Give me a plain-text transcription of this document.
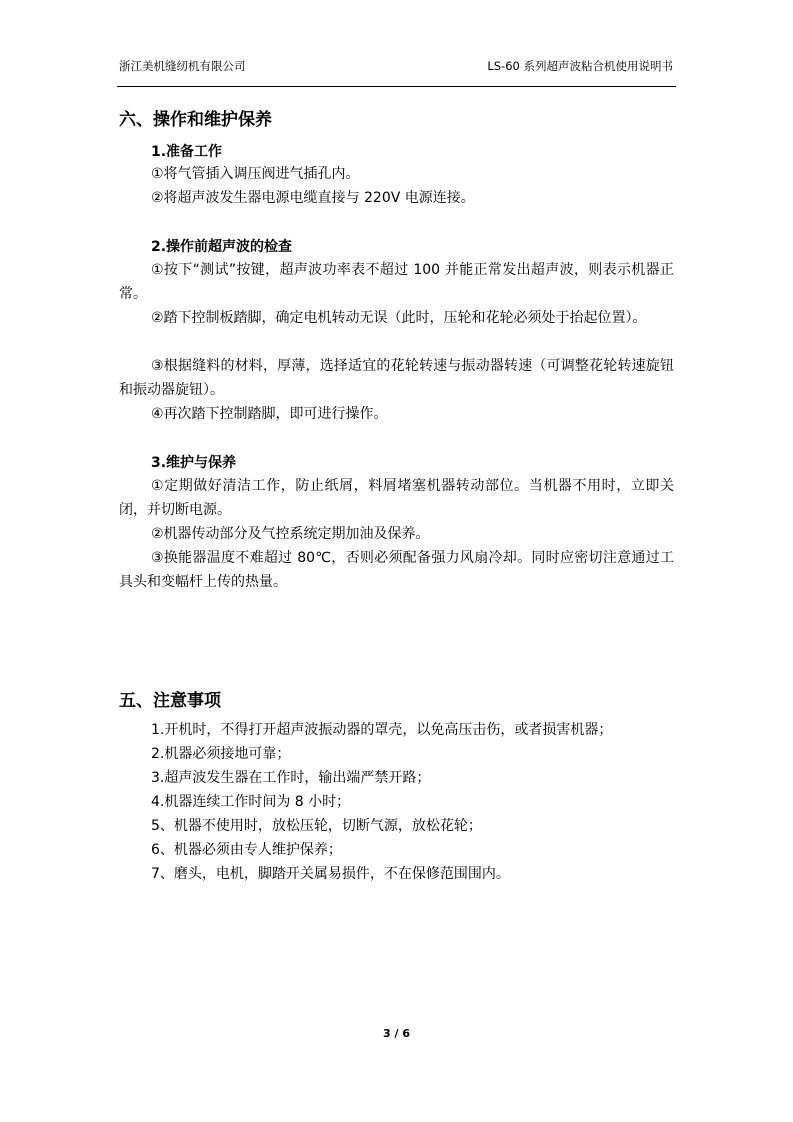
浙江美机缝纫机有限公司	LS-60 系列超声波粘合机使用说明书
六、操作和维护保养
1.准备工作
①将气管插入调压阀进气插孔内。
②将超声波发生器电源电缆直接与 220V 电源连接。
2.操作前超声波的检查
①按下“测试”按键，超声波功率表不超过 100 并能正常发出超声波，则表示机器正常。
②踏下控制板踏脚，确定电机转动无误（此时，压轮和花轮必须处于抬起位置）。
③根据缝料的材料，厚薄，选择适宜的花轮转速与振动器转速（可调整花轮转速旋钮和振动器旋钮）。
④再次踏下控制踏脚，即可进行操作。
3.维护与保养
①定期做好清洁工作，防止纸屑，料屑堵塞机器转动部位。当机器不用时，立即关闭，并切断电源。
②机器传动部分及气控系统定期加油及保养。
③换能器温度不难超过 80℃，否则必须配备强力风扇冷却。同时应密切注意通过工具头和变幅杆上传的热量。
五、注意事项
1.开机时，不得打开超声波振动器的罩壳，以免高压击伤，或者损害机器；
2.机器必须接地可靠；
3.超声波发生器在工作时，输出端严禁开路；
4.机器连续工作时间为 8 小时；
5、机器不使用时，放松压轮，切断气源，放松花轮；
6、机器必须由专人维护保养；
7、磨头，电机，脚踏开关属易损件，不在保修范围围内。
3 / 6
